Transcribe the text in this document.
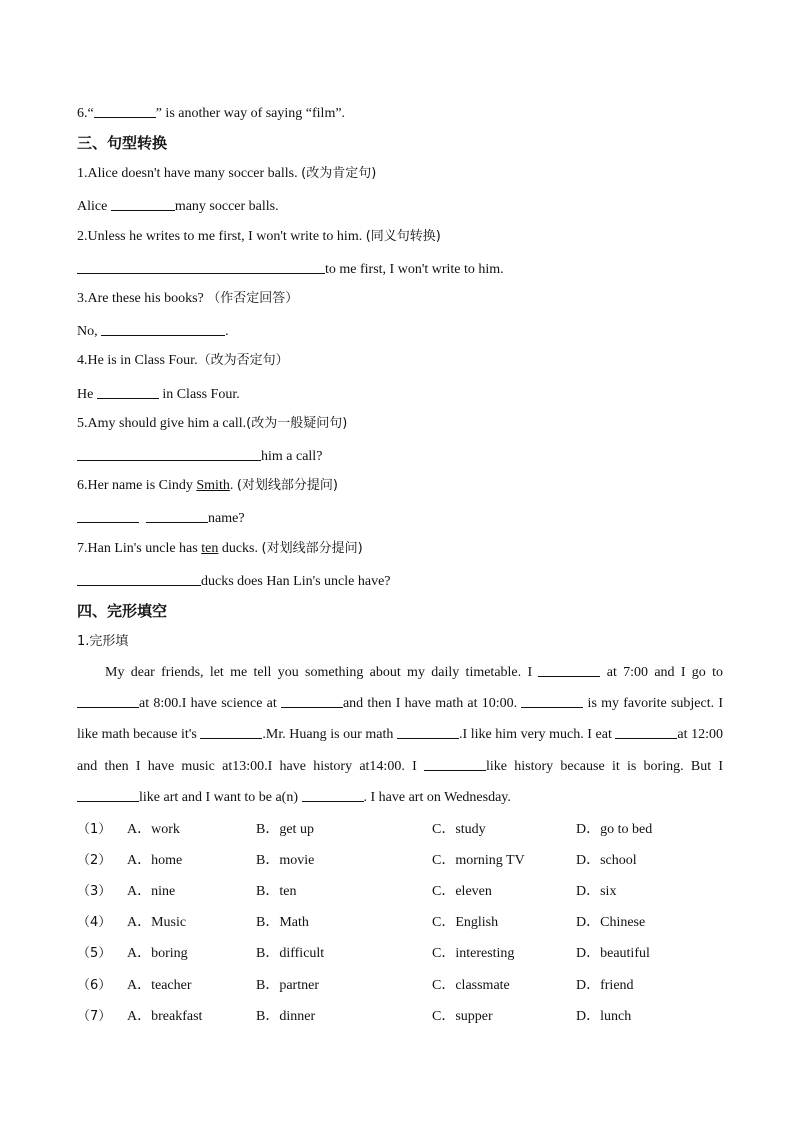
6.“	” is another way of saying “film”.
三、句型转换
1.Alice doesn't have many soccer balls. (改为肯定句)
Alice	many soccer balls.
2.Unless he writes to me first, I won't write to him. (同义句转换)
to me first, I won't write to him.
3.Are these his books? （作否定回答）
No,	.
4.He is in Class Four.（改为否定句）
He	in Class Four.
5.Amy should give him a call.(改为一般疑问句)
him a call?
6.Her name is Cindy Smith. (对划线部分提问)
name?
7.Han Lin's uncle has ten ducks. (对划线部分提问)
ducks does Han Lin's uncle have?
四、完形填空
1.完形填
My dear friends, let me tell you something about my daily timetable. I	at 7:00 and I go to at 8:00.I have science at	and then I have math at 10:00.	is my favorite subject. I like math because it's	.Mr. Huang is our math	.I like him very much. I eat	at 12:00 and then I have music at13:00.I have history at14:00. I	like history because it is boring. But I like art and I want to be a(n)	. I have art on Wednesday.
（1） A．work	B．get up	C．study	D．go to bed
（2） A．home	B．movie	C．morning TV	D．school
（3） A．nine	B．ten	C．eleven	D．six
（4） A．Music	B．Math	C．English	D．Chinese
（5） A．boring	B．difficult	C．interesting	D．beautiful
（6） A．teacher	B．partner	C．classmate	D．friend
（7） A．breakfast	B．dinner	C．supper	D．lunch
